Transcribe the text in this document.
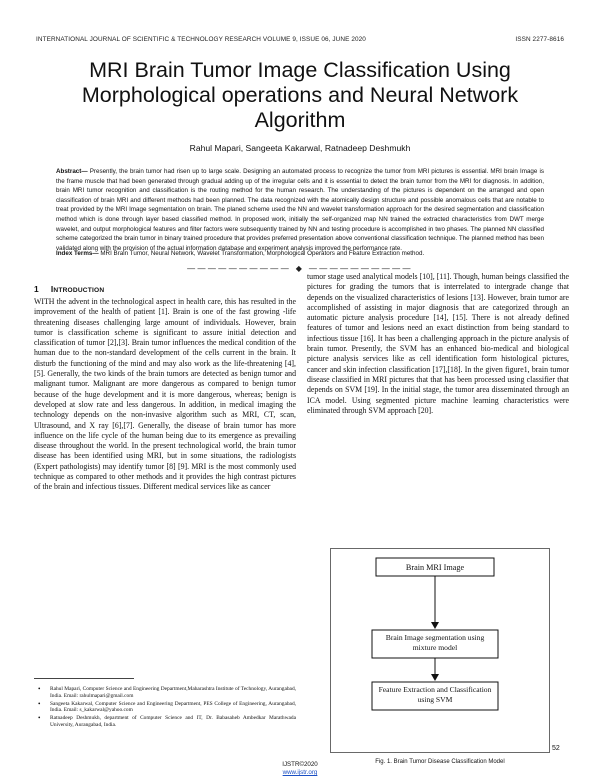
INTERNATIONAL JOURNAL OF SCIENTIFIC & TECHNOLOGY RESEARCH VOLUME 9, ISSUE 06, JUNE 2020	ISSN 2277-8616
MRI Brain Tumor Image Classification Using Morphological operations and Neural Network Algorithm
Rahul Mapari, Sangeeta Kakarwal, Ratnadeep Deshmukh
Abstract— Presently, the brain tumor had risen up to large scale. Designing an automated process to recognize the tumor from MRI pictures is essential. MRI brain Image is the frame muscle that had been generated through gradual adding up of the irregular cells and it is essential to detect the brain tumor from the MRI for diagnosis. In addition, brain MRI tumor recognition and classification is the routing method for the human research. The understanding of the pictures is dependent on the arranged and open classification of brain MRI and different methods had been planned. The data recognized with the atomically design structure and possible anomalous cells that are notable to treat provided by the MRI Image segmentation on brain. The planed scheme used the NN and wavelet transformation approach for the desired segmentation and classification method which is done through layer based classified method. In proposed work, initially the self-organized map NN trained the extracted characteristics from DWT merge wavelet, and output morphological features and filter factors were subsequently trained by NN and testing procedure is accomplished in two phases. The planned NN classified scheme categorized the brain tumor in binary trained procedure that provides preferred presentation above conventional classification technique. The planned method has been validated along with the provision of the actual information database and experiment analysis improved the performance rate.
Index Terms— MRI Brain Tumor, Neural Network, Wavelet Transformation, Morphological Operators and Feature Extraction method.
—————————— ◆ ——————————
1 INTRODUCTION
WITH the advent in the technological aspect in health care, this has resulted in the improvement of the health of patient [1]. Brain is one of the fast growing -life threatening diseases challenging large amount of individuals. However, brain tumor is classification scheme is significant to assure initial detection and classification of tumor [2],[3]. Brain tumor influences the medical condition of the human due to the non-standard development of the cells current in the brain. It disturb the functioning of the mind and may also work as the life-threatening [4], [5]. Generally, the two kinds of the brain tumors are detected as benign tumor and malignant tumor. Malignant are more dangerous as compared to benign tumor because of the huge development and it is more dangerous, whereas; benign is developed at slow rate and less dangerous. In addition, in medical imaging the technology depends on the non-invasive algorithm such as MRI, CT, scan, Ultrasound, and X ray [6],[7]. Generally, the disease of brain tumor has more influence on the life cycle of the human being due to its emergence as prevailing disease throughout the world. In the present technological world, the brain tumor disease has been identified using MRI, but in some situations, the radiologists (Expert pathologists) may identify tumor [8] [9]. MRI is the most commonly used technique as compared to other methods and it provides the high contrast pictures of the brain and infectious tissues. Different medical services like as cancer
tumor stage used analytical models [10], [11]. Though, human beings classified the pictures for grading the tumors that is interrelated to intergrade change that depends on the visualized characteristics of lesions [13]. However, brain tumor are accomplished of assisting in major diagnosis that are categorized through an automatic picture analysis procedure [14], [15]. There is not already defined features of tumor and lesions need an exact distinction from being standard to infectious tissue [16]. It has been a challenging approach in the picture analysis of brain tumor. Presently, the SVM has an enhanced bio-medical and biological picture analysis services like as cell identification form histological pictures, cancer and skin infection classification [17],[18]. In the given figure1, brain tumor disease classified in MRI pictures that that has been processed using classifier that depends on SVM [19]. In the initial stage, the tumor area disseminated through an ICA model. Using segmented picture machine learning characteristics were eliminated through SVM approach [20].
• Rahul Mapari, Computer Science and Engineering Department,Maharashtra Institute of Technology, Aurangabad, India. Email: rahulmapari@gmail.com
• Sangeeta Kakarwal, Computer Science and Engineering Department, PES College of Engineering, Aurangabad, India. Email: s_kakarwal@yahoo.com
• Ratnadeep Deshmukh, department of Computer Science and IT, Dr. Babasaheb Ambedkar Marathwada University, Aurangabad, India.
Brain MRI Image
Brain Image segmentation using mixture model
Feature Extraction and Classification using SVM
Fig. 1. Brain Tumor Disease Classification Model
52
IJSTR©2020
www.ijstr.org
